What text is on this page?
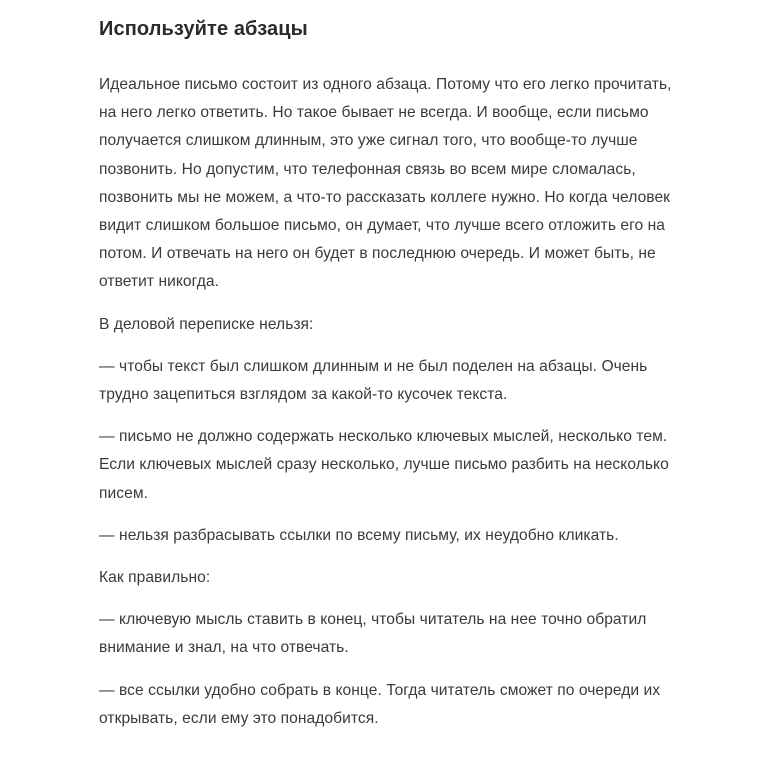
Используйте абзацы

Идеальное письмо состоит из одного абзаца. Потому что его легко прочитать, на него легко ответить. Но такое бывает не всегда. И вообще, если письмо получается слишком длинным, это уже сигнал того, что вообще-то лучше позвонить. Но допустим, что телефонная связь во всем мире сломалась, позвонить мы не можем, а что-то рассказать коллеге нужно. Но когда человек видит слишком большое письмо, он думает, что лучше всего отложить его на потом. И отвечать на него он будет в последнюю очередь. И может быть, не ответит никогда.

В деловой переписке нельзя:

— чтобы текст был слишком длинным и не был поделен на абзацы. Очень трудно зацепиться взглядом за какой-то кусочек текста.

— письмо не должно содержать несколько ключевых мыслей, несколько тем. Если ключевых мыслей сразу несколько, лучше письмо разбить на несколько писем.

— нельзя разбрасывать ссылки по всему письму, их неудобно кликать.

Как правильно:

— ключевую мысль ставить в конец, чтобы читатель на нее точно обратил внимание и знал, на что отвечать.

— все ссылки удобно собрать в конце. Тогда читатель сможет по очереди их открывать, если ему это понадобится.
